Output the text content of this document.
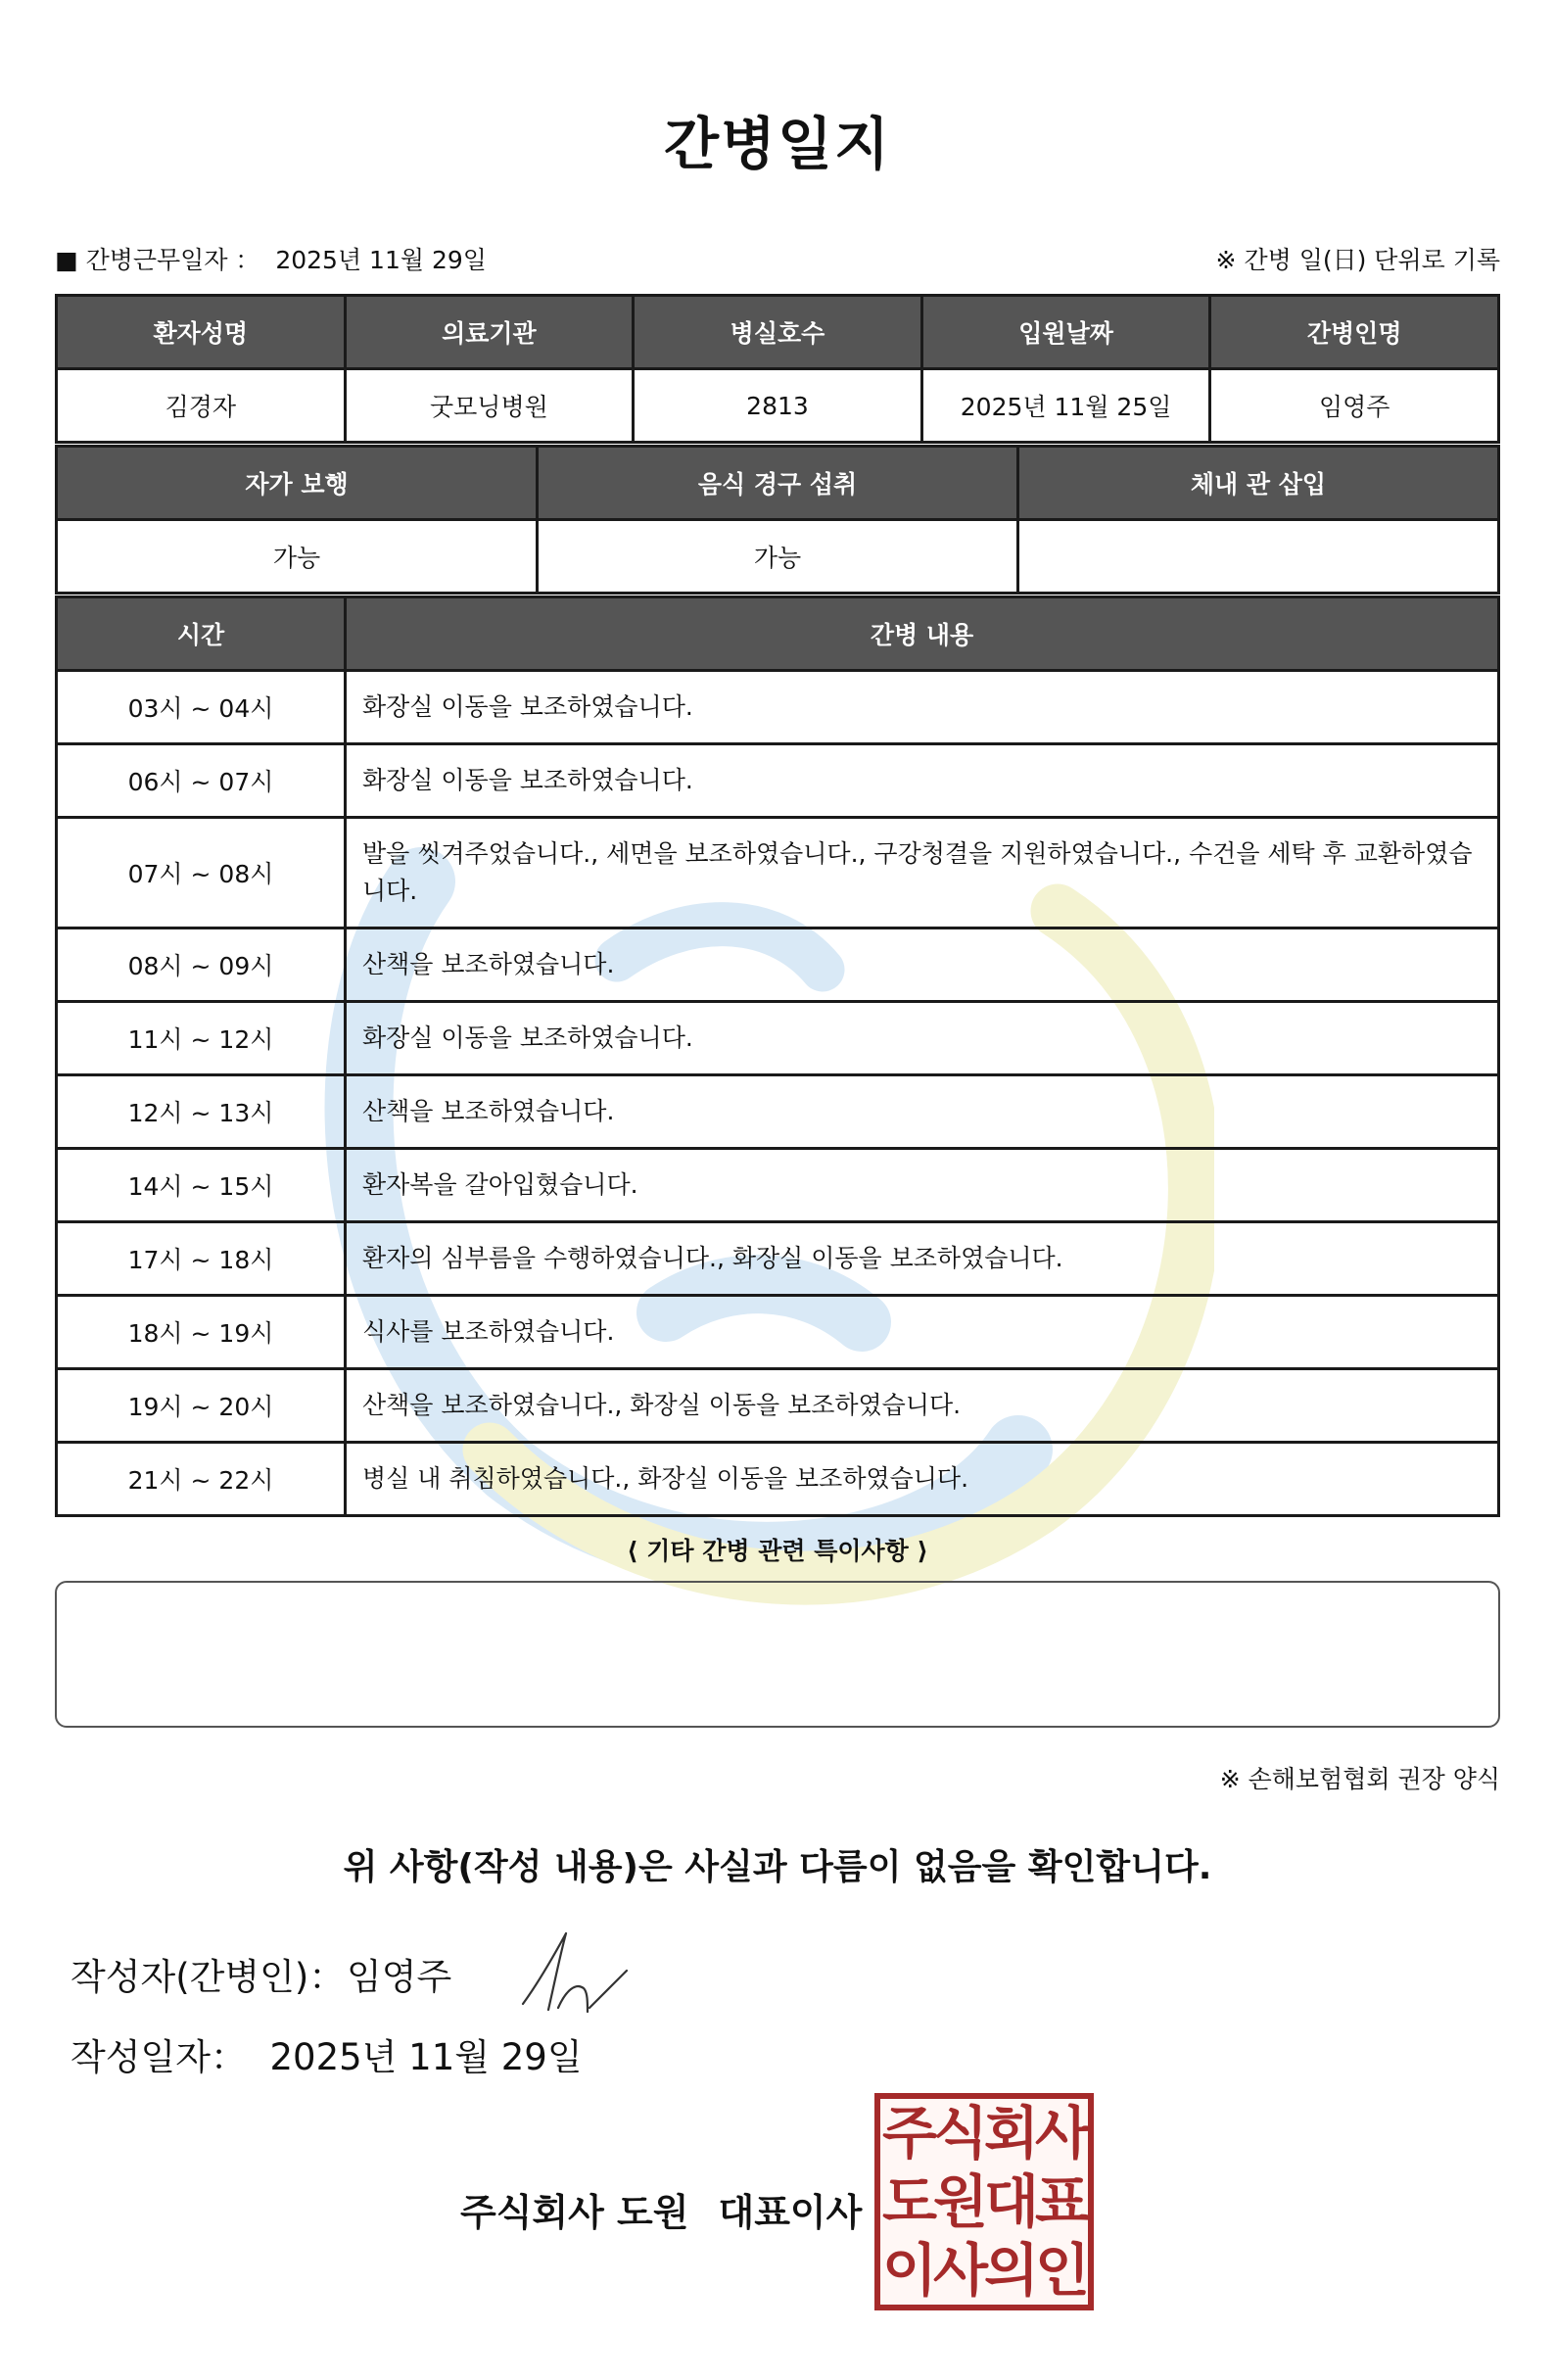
간병일지
■ 간병근무일자 ： 2025년 11월 29일	※ 간병 일(日) 단위로 기록
환자성명	의료기관	병실호수	입원날짜	간병인명
김경자	굿모닝병원	2813	2025년 11월 25일	임영주
자가 보행	음식 경구 섭취	체내 관 삽입
가능	가능	
시간	간병 내용
03시 ~ 04시	화장실 이동을 보조하였습니다.
06시 ~ 07시	화장실 이동을 보조하였습니다.
07시 ~ 08시	발을 씻겨주었습니다., 세면을 보조하였습니다., 구강청결을 지원하였습니다., 수건을 세탁 후 교환하였습니다.
08시 ~ 09시	산책을 보조하였습니다.
11시 ~ 12시	화장실 이동을 보조하였습니다.
12시 ~ 13시	산책을 보조하였습니다.
14시 ~ 15시	환자복을 갈아입혔습니다.
17시 ~ 18시	환자의 심부름을 수행하였습니다., 화장실 이동을 보조하였습니다.
18시 ~ 19시	식사를 보조하였습니다.
19시 ~ 20시	산책을 보조하였습니다., 화장실 이동을 보조하였습니다.
21시 ~ 22시	병실 내 취침하였습니다., 화장실 이동을 보조하였습니다.
⟨ 기타 간병 관련 특이사항 ⟩
※ 손해보험협회 권장 양식
위 사항(작성 내용)은 사실과 다름이 없음을 확인합니다.
작성자(간병인)：임영주
작성일자： 2025년 11월 29일
주식회사 도원 대표이사
주식회사
도원대표
이사의인
